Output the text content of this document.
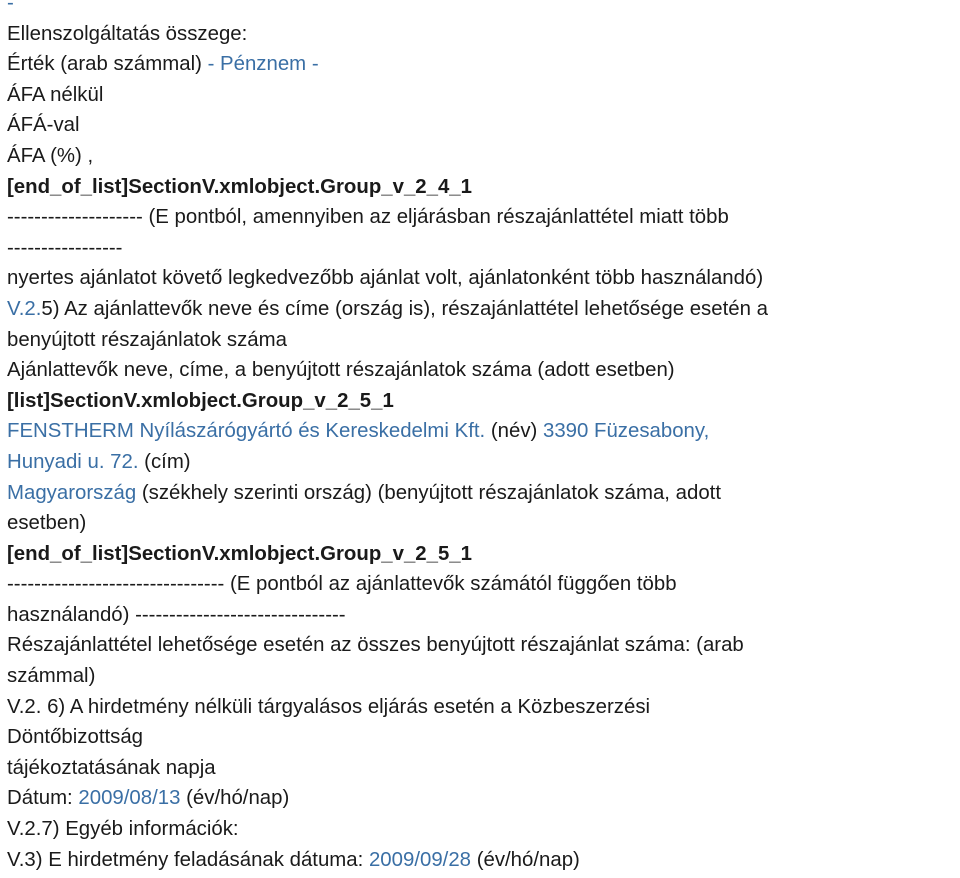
-
Ellenszolgáltatás összege:
Érték (arab számmal) - Pénznem -
ÁFA nélkül
ÁFÁ-val
ÁFA (%) ,
[end_of_list]SectionV.xmlobject.Group_v_2_4_1
-------------------- (E pontból, amennyiben az eljárásban részajánlattétel miatt több
-----------------
nyertes ajánlatot követő legkedvezőbb ajánlat volt, ajánlatonként több használandó)
V.2.5) Az ajánlattevők neve és címe (ország is), részajánlattétel lehetősége esetén a
benyújtott részajánlatok száma
Ajánlattevők neve, címe, a benyújtott részajánlatok száma (adott esetben)
[list]SectionV.xmlobject.Group_v_2_5_1
FENSTHERM Nyílászárógyártó és Kereskedelmi Kft. (név) 3390 Füzesabony,
Hunyadi u. 72. (cím)
Magyarország (székhely szerinti ország) (benyújtott részajánlatok száma, adott
esetben)
[end_of_list]SectionV.xmlobject.Group_v_2_5_1
-------------------------------- (E pontból az ajánlattevők számától függően több
használandó) -------------------------------
Részajánlattétel lehetősége esetén az összes benyújtott részajánlat száma: (arab
számmal)
V.2. 6) A hirdetmény nélküli tárgyalásos eljárás esetén a Közbeszerzési
Döntőbizottság
tájékoztatásának napja
Dátum: 2009/08/13 (év/hó/nap)
V.2.7) Egyéb információk:
V.3) E hirdetmény feladásának dátuma: 2009/09/28 (év/hó/nap)
